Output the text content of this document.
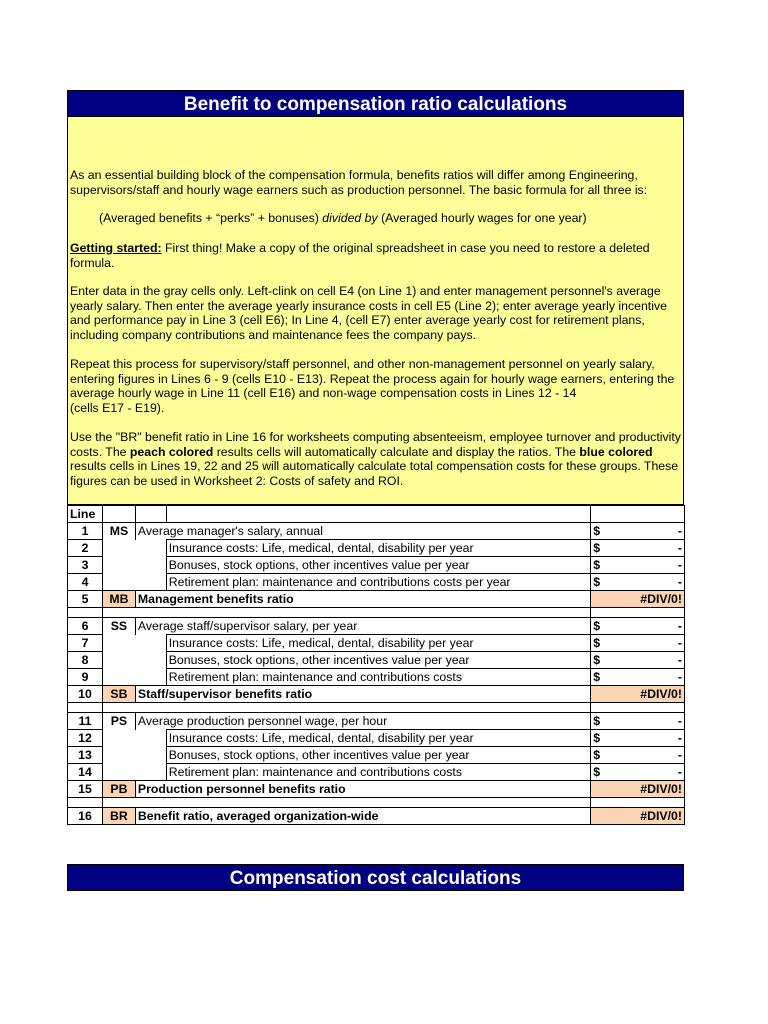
Benefit to compensation ratio calculations

As an essential building block of the compensation formula, benefits ratios will differ among Engineering, supervisors/staff and hourly wage earners such as production personnel. The basic formula for all three is:

(Averaged benefits + “perks” + bonuses) divided by (Averaged hourly wages for one year)

Getting started: First thing! Make a copy of the original spreadsheet in case you need to restore a deleted formula.

Enter data in the gray cells only. Left-clink on cell E4 (on Line 1) and enter management personnel's average yearly salary. Then enter the average yearly insurance costs in cell E5 (Line 2); enter average yearly incentive and performance pay in Line 3 (cell E6); In Line 4, (cell E7) enter average yearly cost for retirement plans, including company contributions and maintenance fees the company pays.

Repeat this process for supervisory/staff personnel, and other non-management personnel on yearly salary, entering figures in Lines 6 - 9 (cells E10 - E13). Repeat the process again for hourly wage earners, entering the average hourly wage in Line 11 (cell E16) and non-wage compensation costs in Lines 12 - 14
(cells E17 - E19).

Use the "BR" benefit ratio in Line 16 for worksheets computing absenteeism, employee turnover and productivity costs. The peach colored results cells will automatically calculate and display the ratios. The blue colored results cells in Lines 19, 22 and 25 will automatically calculate total compensation costs for these groups. These figures can be used in Worksheet 2: Costs of safety and ROI.

Line				
1	MS	Average manager's salary, annual		$ -

2			Insurance costs: Life, medical, dental, disability per year	$ -

3			Bonuses, stock options, other incentives value per year	$ -

4			Retirement plan: maintenance and contributions costs per year	$ -

5	MB	Management benefits ratio		#DIV/0!

6	SS	Average staff/supervisor salary, per year		$ -

7			Insurance costs: Life, medical, dental, disability per year	$ -

8			Bonuses, stock options, other incentives value per year	$ -

9			Retirement plan: maintenance and contributions costs	$ -

10	SB	Staff/supervisor benefits ratio		#DIV/0!

11	PS	Average production personnel wage, per hour		$ -

12			Insurance costs: Life, medical, dental, disability per year	$ -

13			Bonuses, stock options, other incentives value per year	$ -

14			Retirement plan: maintenance and contributions costs	$ -

15	PB	Production personnel benefits ratio		#DIV/0!

16	BR	Benefit ratio, averaged organization-wide		#DIV/0!
Compensation cost calculations
